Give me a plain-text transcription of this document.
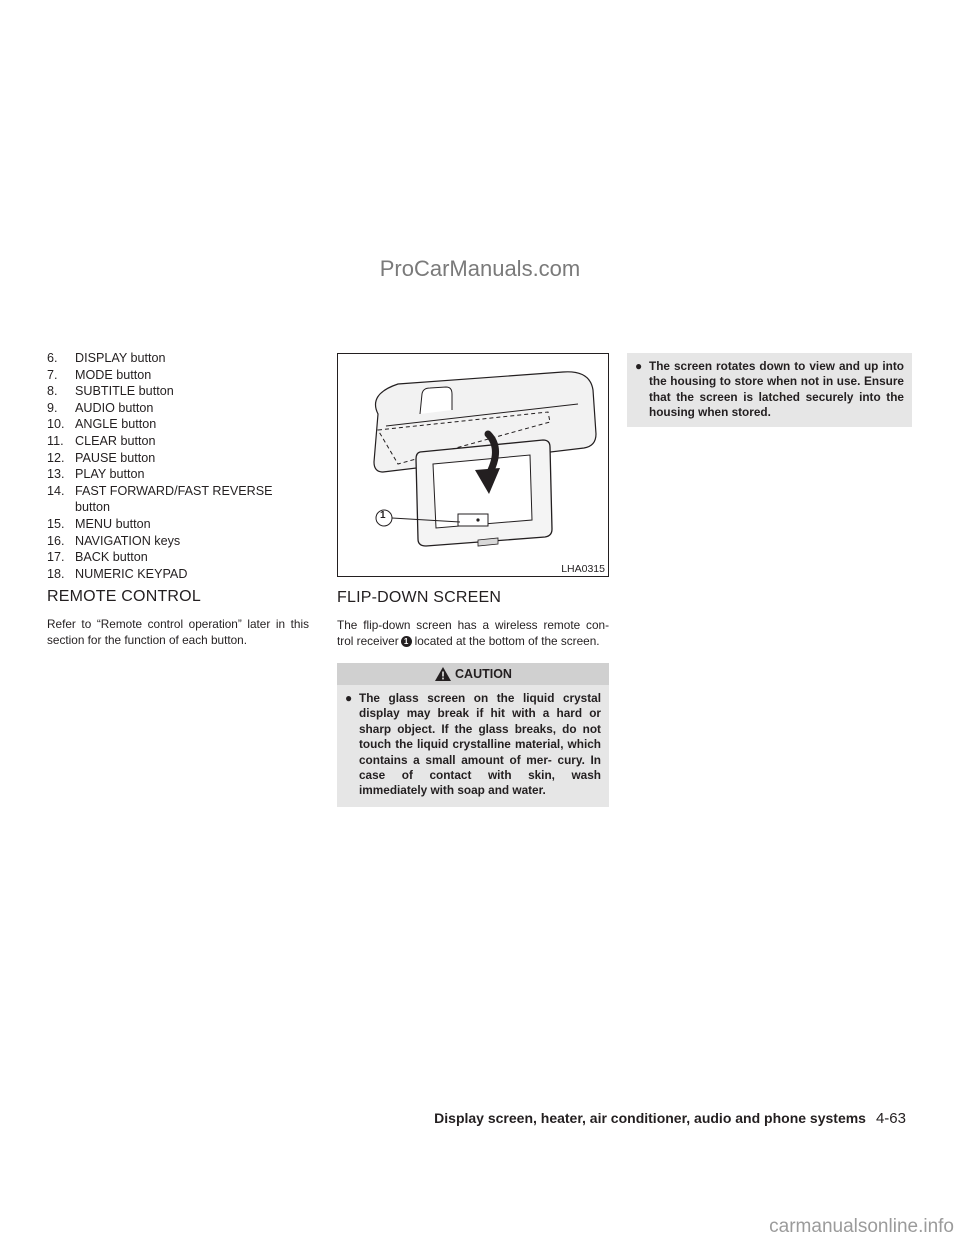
ProCarManuals.com
6.	DISPLAY button
7.	MODE button
8.	SUBTITLE button
9.	AUDIO button
10. ANGLE button
11. CLEAR button
12. PAUSE button
13. PLAY button
14. FAST FORWARD/FAST REVERSE button
15. MENU button
16. NAVIGATION keys
17. BACK button
18. NUMERIC KEYPAD
REMOTE CONTROL

Refer to “Remote control operation” later in this section for the function of each button.

1
LHA0315
FLIP-DOWN SCREEN

The flip-down screen has a wireless remote con- trol receiver 1 located at the bottom of the screen.

CAUTION
● The glass screen on the liquid crystal display may break if hit with a hard or sharp object. If the glass breaks, do not touch the liquid crystalline material, which contains a small amount of mer- cury. In case of contact with skin, wash immediately with soap and water.
● The screen rotates down to view and up into the housing to store when not in use. Ensure that the screen is latched securely into the housing when stored.
Display screen, heater, air conditioner, audio and phone systems 4-63
carmanualsonline.info
